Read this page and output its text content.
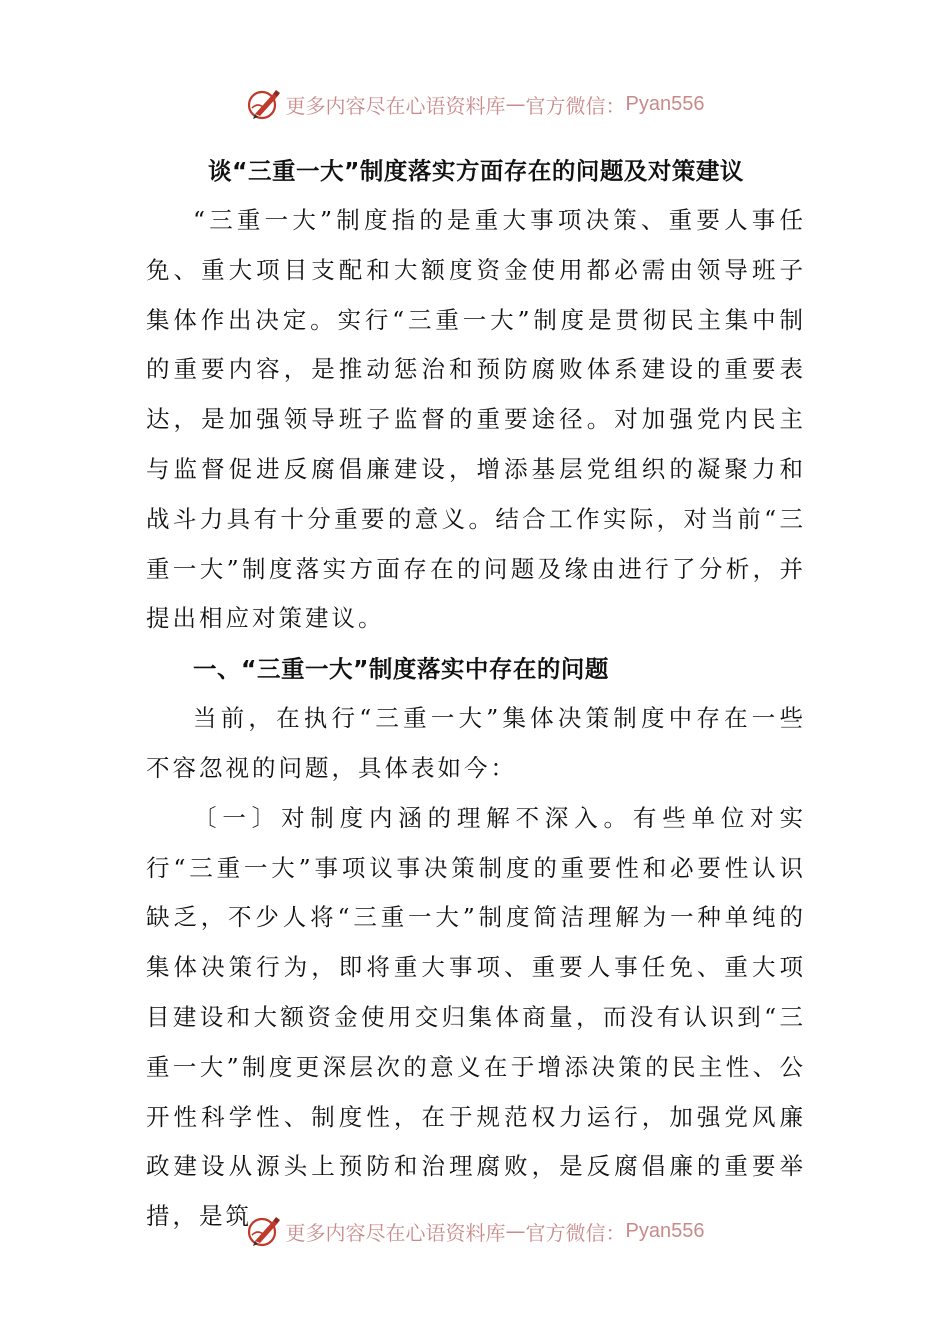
更多内容尽在心语资料库 — 官方微信： Pyan556
谈“三重一大”制度落实方面存在的问题及对策建议

“三重一大”制度指的是重大事项决策、重要人事任免、重大项目支配和大额度资金使用都必需由领导班子集体作出决定。实行“三重一大”制度是贯彻民主集中制的重要内容，是推动惩治和预防腐败体系建设的重要表达，是加强领导班子监督的重要途径。对加强党内民主与监督促进反腐倡廉建设，增添基层党组织的凝聚力和战斗力具有十分重要的意义。结合工作实际，对当前“三重一大”制度落实方面存在的问题及缘由进行了分析，并提出相应对策建议。

一、“三重一大”制度落实中存在的问题

当前，在执行“三重一大”集体决策制度中存在一些不容忽视的问题，具体表如今：

〔一〕对制度内涵的理解不深入。有些单位对实行“三重一大”事项议事决策制度的重要性和必要性认识缺乏，不少人将“三重一大”制度简洁理解为一种单纯的集体决策行为，即将重大事项、重要人事任免、重大项目建设和大额资金使用交归集体商量，而没有认识到“三重一大”制度更深层次的意义在于增添决策的民主性、公开性科学性、制度性，在于规范权力运行，加强党风廉政建设从源头上预防和治理腐败，是反腐倡廉的重要举措，是筑

更多内容尽在心语资料库 — 官方微信： Pyan556
